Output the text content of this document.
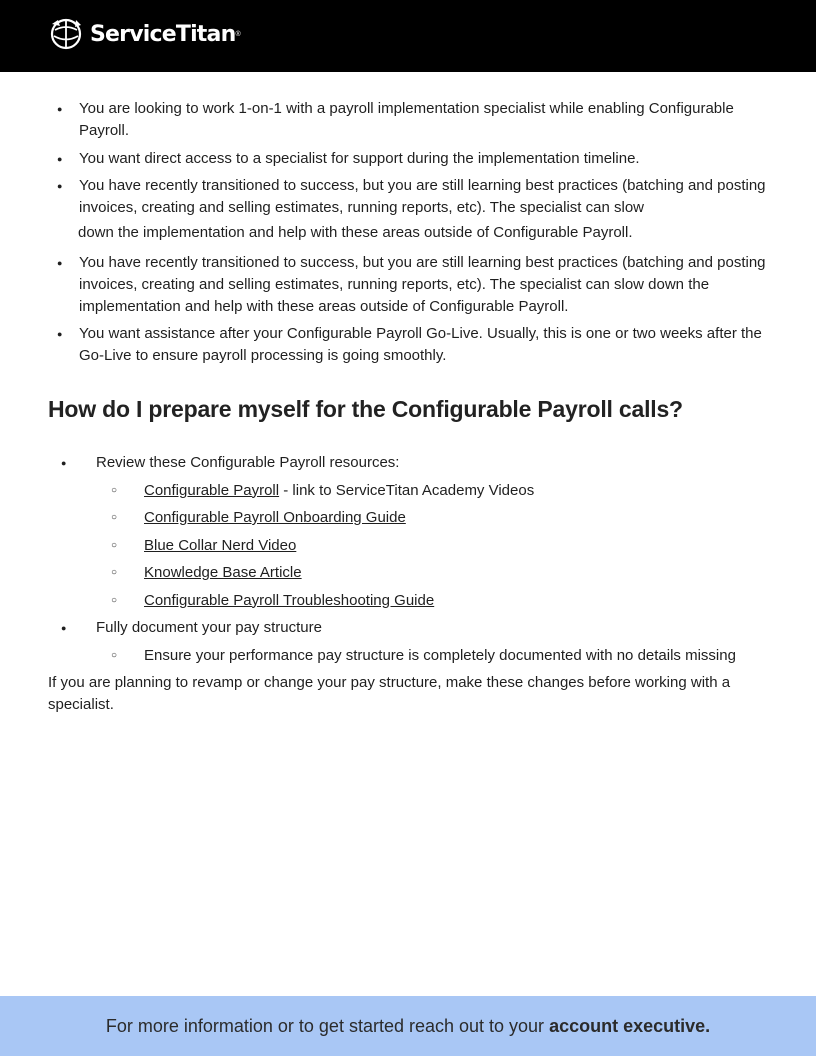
ServiceTitan ®
● You are looking to work 1-on-1 with a payroll implementation specialist while enabling Configurable Payroll.
● You want direct access to a specialist for support during the implementation timeline.
● You have recently transitioned to success, but you are still learning best practices (batching and posting invoices, creating and selling estimates, running reports, etc). The specialist can slow
down the implementation and help with these areas outside of Configurable Payroll.
● You have recently transitioned to success, but you are still learning best practices (batching and posting invoices, creating and selling estimates, running reports, etc). The specialist can slow down the implementation and help with these areas outside of Configurable Payroll.
● You want assistance after your Configurable Payroll Go-Live. Usually, this is one or two weeks after the Go-Live to ensure payroll processing is going smoothly.
How do I prepare myself for the Configurable Payroll calls?
● Review these Configurable Payroll resources:
○ Configurable Payroll - link to ServiceTitan Academy Videos
○ Configurable Payroll Onboarding Guide
○ Blue Collar Nerd Video
○ Knowledge Base Article
○ Configurable Payroll Troubleshooting Guide
● Fully document your pay structure
○ Ensure your performance pay structure is completely documented with no details missing
If you are planning to revamp or change your pay structure, make these changes before working with a specialist.
For more information or to get started reach out to your account executive.
